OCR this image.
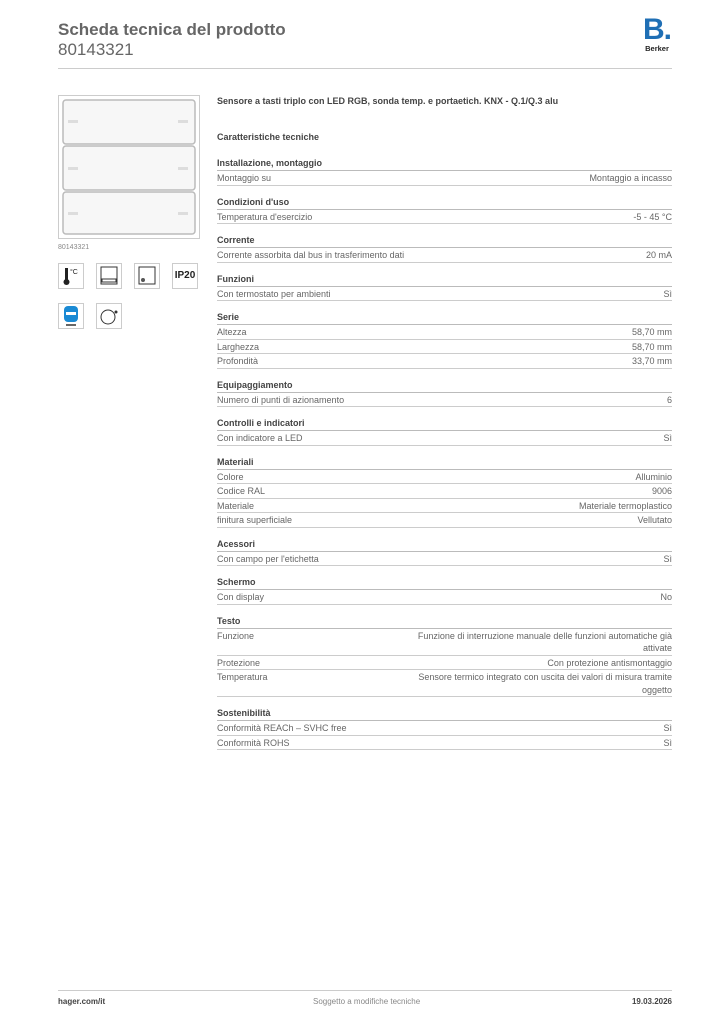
Scheda tecnica del prodotto
80143321
B.
Berker
80143321
°C	IP20
Sensore a tasti triplo con LED RGB, sonda temp. e portaetich. KNX - Q.1/Q.3 alu
Caratteristiche tecniche
Installazione, montaggio
Montaggio su	Montaggio a incasso
Condizioni d'uso
Temperatura d'esercizio	-5 - 45 °C
Corrente
Corrente assorbita dal bus in trasferimento dati	20 mA
Funzioni
Con termostato per ambienti	Sì
Serie
Altezza	58,70 mm
Larghezza	58,70 mm
Profondità	33,70 mm
Equipaggiamento
Numero di punti di azionamento	6
Controlli e indicatori
Con indicatore a LED	Sì
Materiali
Colore	Alluminio
Codice RAL	9006
Materiale	Materiale termoplastico
finitura superficiale	Vellutato
Acessori
Con campo per l'etichetta	Sì
Schermo
Con display	No
Testo
Funzione	Funzione di interruzione manuale delle funzioni automatiche già attivate
Protezione	Con protezione antismontaggio
Temperatura	Sensore termico integrato con uscita dei valori di misura tramite oggetto
Sostenibilità
Conformità REACh – SVHC free	Sì
Conformità ROHS	Sì
hager.com/it	Soggetto a modifiche tecniche	19.03.2026
